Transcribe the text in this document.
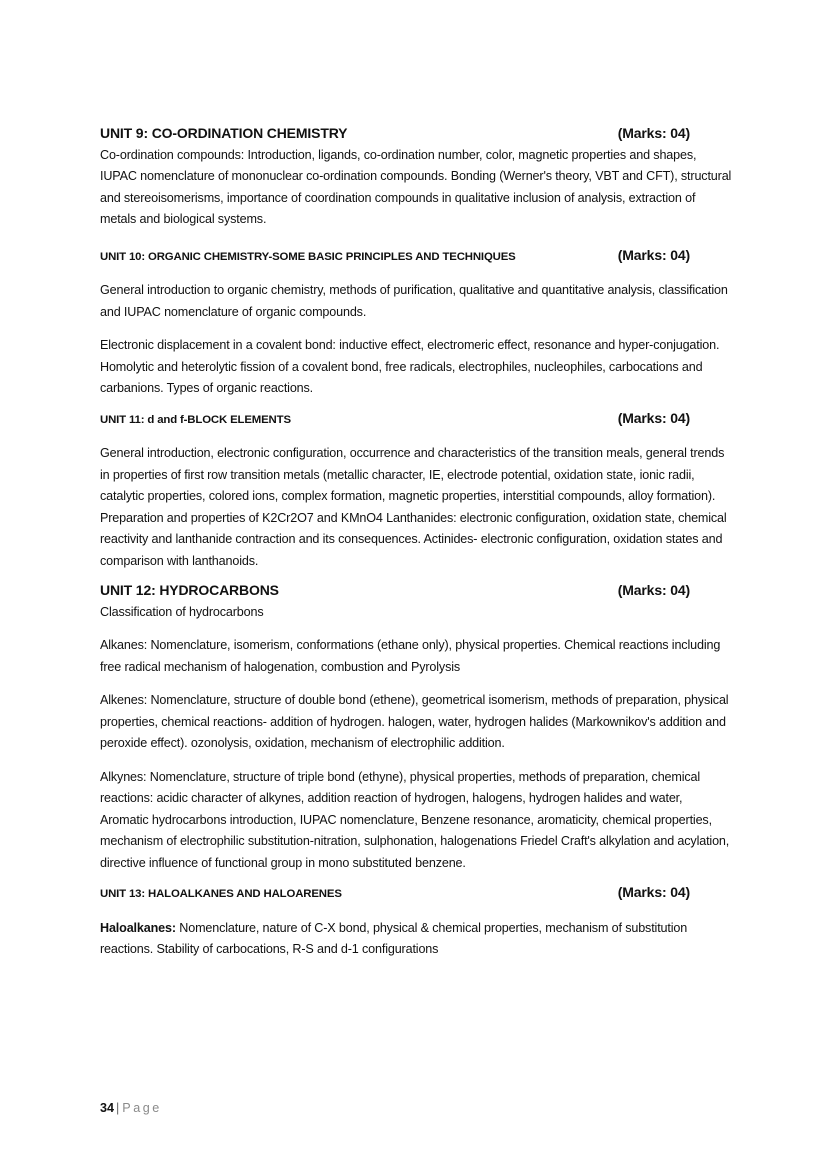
UNIT 9: CO-ORDINATION CHEMISTRY	(Marks: 04)

Co-ordination compounds: Introduction, ligands, co-ordination number, color, magnetic properties and shapes, IUPAC nomenclature of mononuclear co-ordination compounds. Bonding (Werner's theory, VBT and CFT), structural and stereoisomerisms, importance of coordination compounds in qualitative inclusion of analysis, extraction of metals and biological systems.

UNIT 10: ORGANIC CHEMISTRY-SOME BASIC PRINCIPLES AND TECHNIQUES	(Marks: 04)

General introduction to organic chemistry, methods of purification, qualitative and quantitative analysis, classification and IUPAC nomenclature of organic compounds.

Electronic displacement in a covalent bond: inductive effect, electromeric effect, resonance and hyper-conjugation. Homolytic and heterolytic fission of a covalent bond, free radicals, electrophiles, nucleophiles, carbocations and carbanions. Types of organic reactions.

UNIT 11: d and f-BLOCK ELEMENTS	(Marks: 04)

General introduction, electronic configuration, occurrence and characteristics of the transition meals, general trends in properties of first row transition metals (metallic character, IE, electrode potential, oxidation state, ionic radii, catalytic properties, colored ions, complex formation, magnetic properties, interstitial compounds, alloy formation). Preparation and properties of K2Cr2O7 and KMnO4 Lanthanides: electronic configuration, oxidation state, chemical reactivity and lanthanide contraction and its consequences. Actinides- electronic configuration, oxidation states and comparison with lanthanoids.

UNIT 12: HYDROCARBONS	(Marks: 04)

Classification of hydrocarbons

Alkanes: Nomenclature, isomerism, conformations (ethane only), physical properties. Chemical reactions including free radical mechanism of halogenation, combustion and Pyrolysis

Alkenes: Nomenclature, structure of double bond (ethene), geometrical isomerism, methods of preparation, physical properties, chemical reactions- addition of hydrogen. halogen, water, hydrogen halides (Markownikov's addition and peroxide effect). ozonolysis, oxidation, mechanism of electrophilic addition.

Alkynes: Nomenclature, structure of triple bond (ethyne), physical properties, methods of preparation, chemical reactions: acidic character of alkynes, addition reaction of hydrogen, halogens, hydrogen halides and water, Aromatic hydrocarbons introduction, IUPAC nomenclature, Benzene resonance, aromaticity, chemical properties, mechanism of electrophilic substitution-nitration, sulphonation, halogenations Friedel Craft's alkylation and acylation, directive influence of functional group in mono substituted benzene.

UNIT 13: HALOALKANES AND HALOARENES	(Marks: 04)

Haloalkanes: Nomenclature, nature of C-X bond, physical & chemical properties, mechanism of substitution reactions. Stability of carbocations, R-S and d-1 configurations

34 | Page
